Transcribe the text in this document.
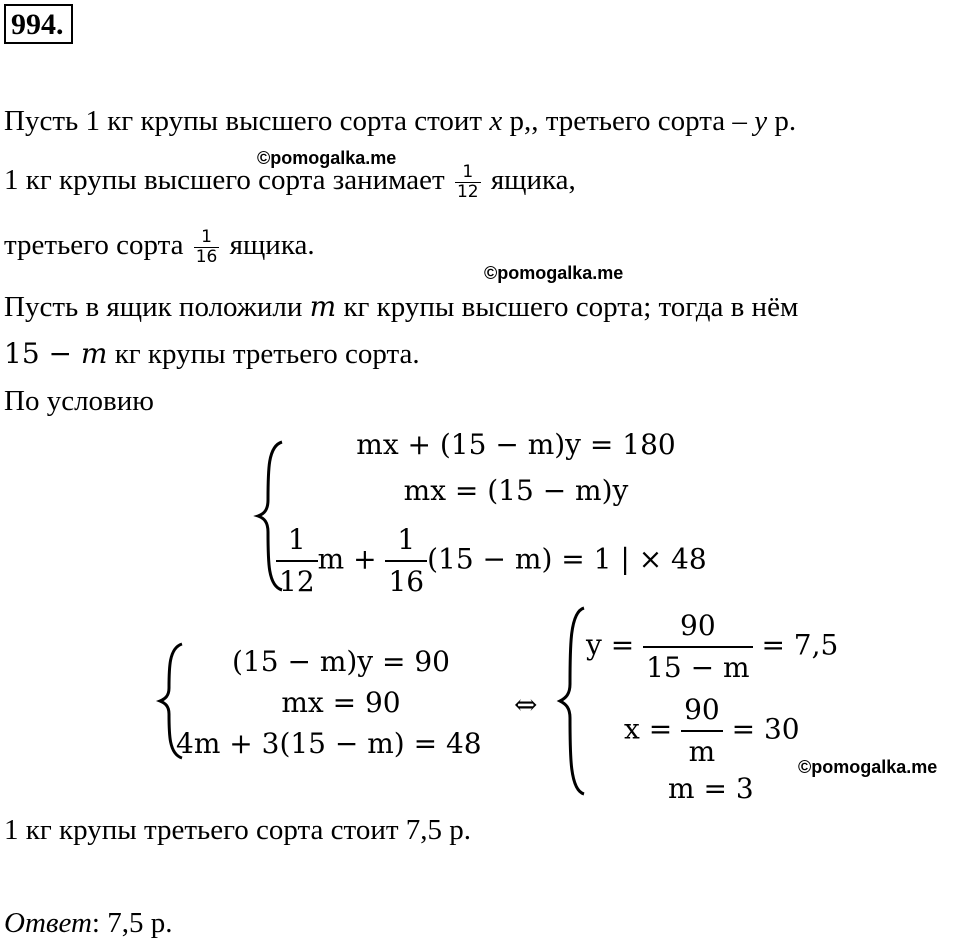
994.
Пусть 1 кг крупы высшего сорта стоит x р,, третьего сорта – y р.
©pomogalka.me
1 кг крупы высшего сорта занимает $\frac{1}{12}$ ящика,
третьего сорта $\frac{1}{16}$ ящика.
©pomogalka.me
Пусть в ящик положили m кг крупы высшего сорта; тогда в нём
15 − m кг крупы третьего сорта.
По условию
mx + (15 − m)y = 180
mx = (15 − m)y
$\frac{1}{12}$ $m + \frac{1}{16} (15 - m) = 1$ | × 48
(15 − m)y = 90
mx = 90
4m + 3(15 − m) = 48
⇔
$y = \frac{90}{15 - m} = 7,5$
$x = \frac{90}{m} = 30$
©pomogalka.me
m = 3
1 кг крупы третьего сорта стоит 7,5 р.
Ответ: 7,5 р.
